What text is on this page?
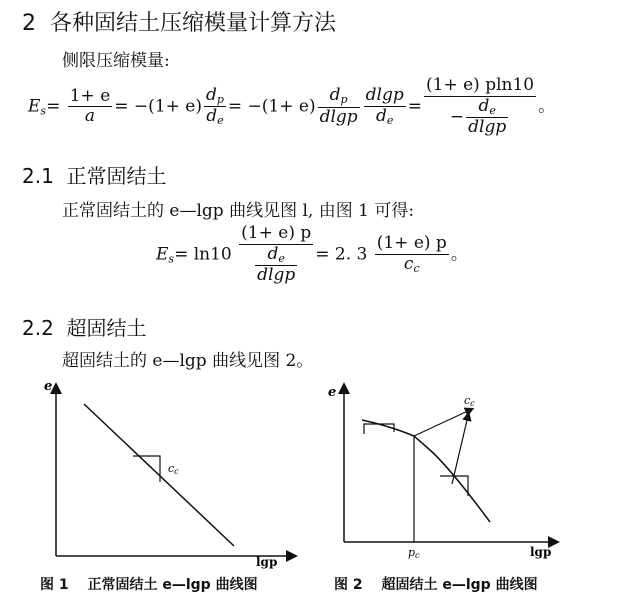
2 各种固结土压缩模量计算方法
侧限压缩模量:
$E_s= \frac{1+ e}{a} = -(1+ e) \frac{d_p}{d_e} = -(1+ e) \frac{d_p}{dlgp} \frac{dlgp}{d_e} = \frac{(1+ e) pln10}{- \frac{d_e}{dlgp}}$ 。
2.1 正常固结土
正常固结土的 e—lgp 曲线见图 l, 由图 1 可得:
$E_s= \ln 10 \frac{(1+ e) p}{\frac{d_e}{dlgp}} = 2$. $3 \frac{(1+ e) p}{c_c}$ 。
2.2 超固结土
超固结土的 e—lgp 曲线见图 2。
e
lgp
cc
e
lgp
pc
cc
图 1　 正常固结土 e—lgp 曲线图	图 2　 超固结土 e—lgp 曲线图
